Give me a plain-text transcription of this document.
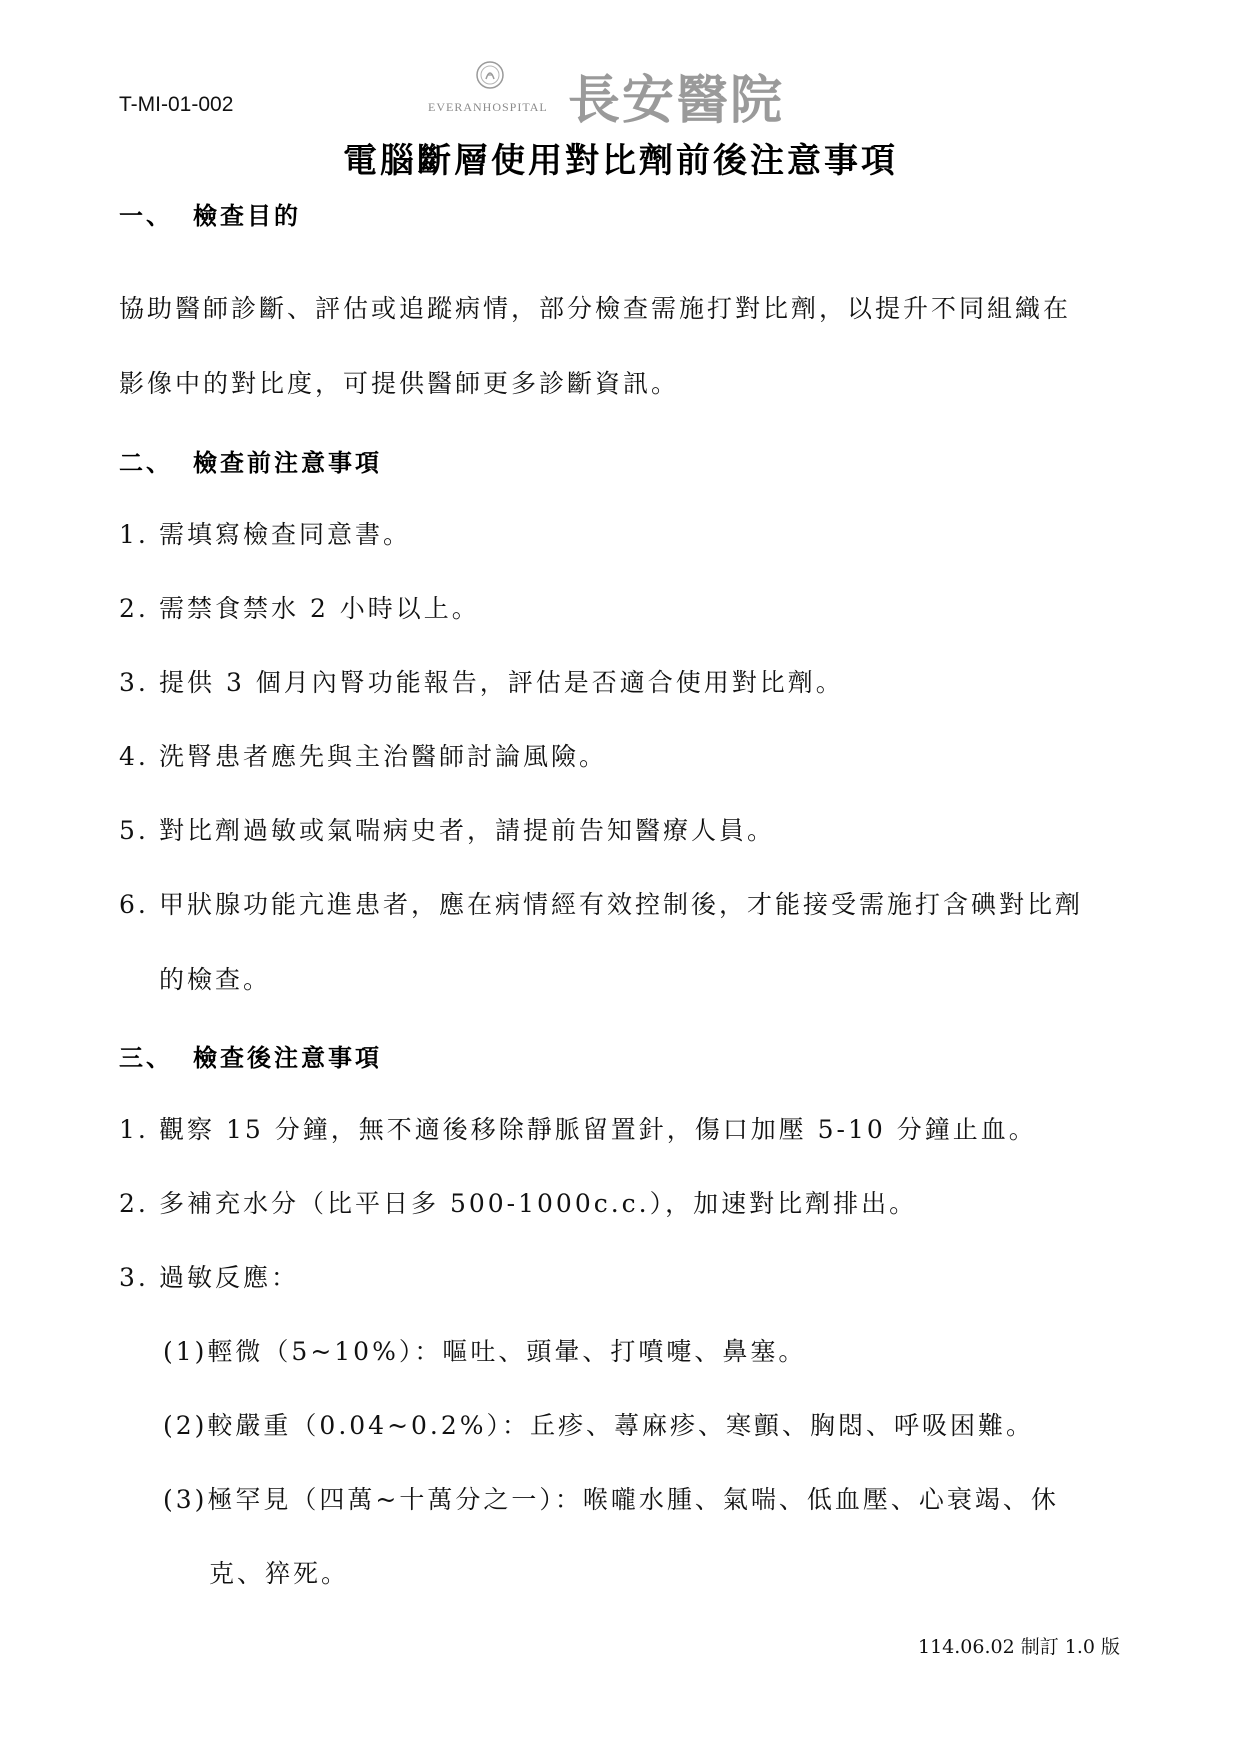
T-MI-01-002	EVERANHOSPITAL 長安醫院
電腦斷層使用對比劑前後注意事項
一、 檢查目的
協助醫師診斷、評估或追蹤病情，部分檢查需施打對比劑，以提升不同組織在
影像中的對比度，可提供醫師更多診斷資訊。
二、 檢查前注意事項
1. 需填寫檢查同意書。
2. 需禁食禁水 2 小時以上。
3. 提供 3 個月內腎功能報告，評估是否適合使用對比劑。
4. 洗腎患者應先與主治醫師討論風險。
5. 對比劑過敏或氣喘病史者，請提前告知醫療人員。
6. 甲狀腺功能亢進患者，應在病情經有效控制後，才能接受需施打含碘對比劑
的檢查。
三、 檢查後注意事項
1. 觀察 15 分鐘，無不適後移除靜脈留置針，傷口加壓 5-10 分鐘止血。
2. 多補充水分（比平日多 500-1000c.c.），加速對比劑排出。
3. 過敏反應：
(1)輕微（5~10%）：嘔吐、頭暈、打噴嚏、鼻塞。
(2)較嚴重（0.04~0.2%）：丘疹、蕁麻疹、寒顫、胸悶、呼吸困難。
(3)極罕見（四萬~十萬分之一）：喉嚨水腫、氣喘、低血壓、心衰竭、休
克、猝死。
114.06.02 制訂 1.0 版
